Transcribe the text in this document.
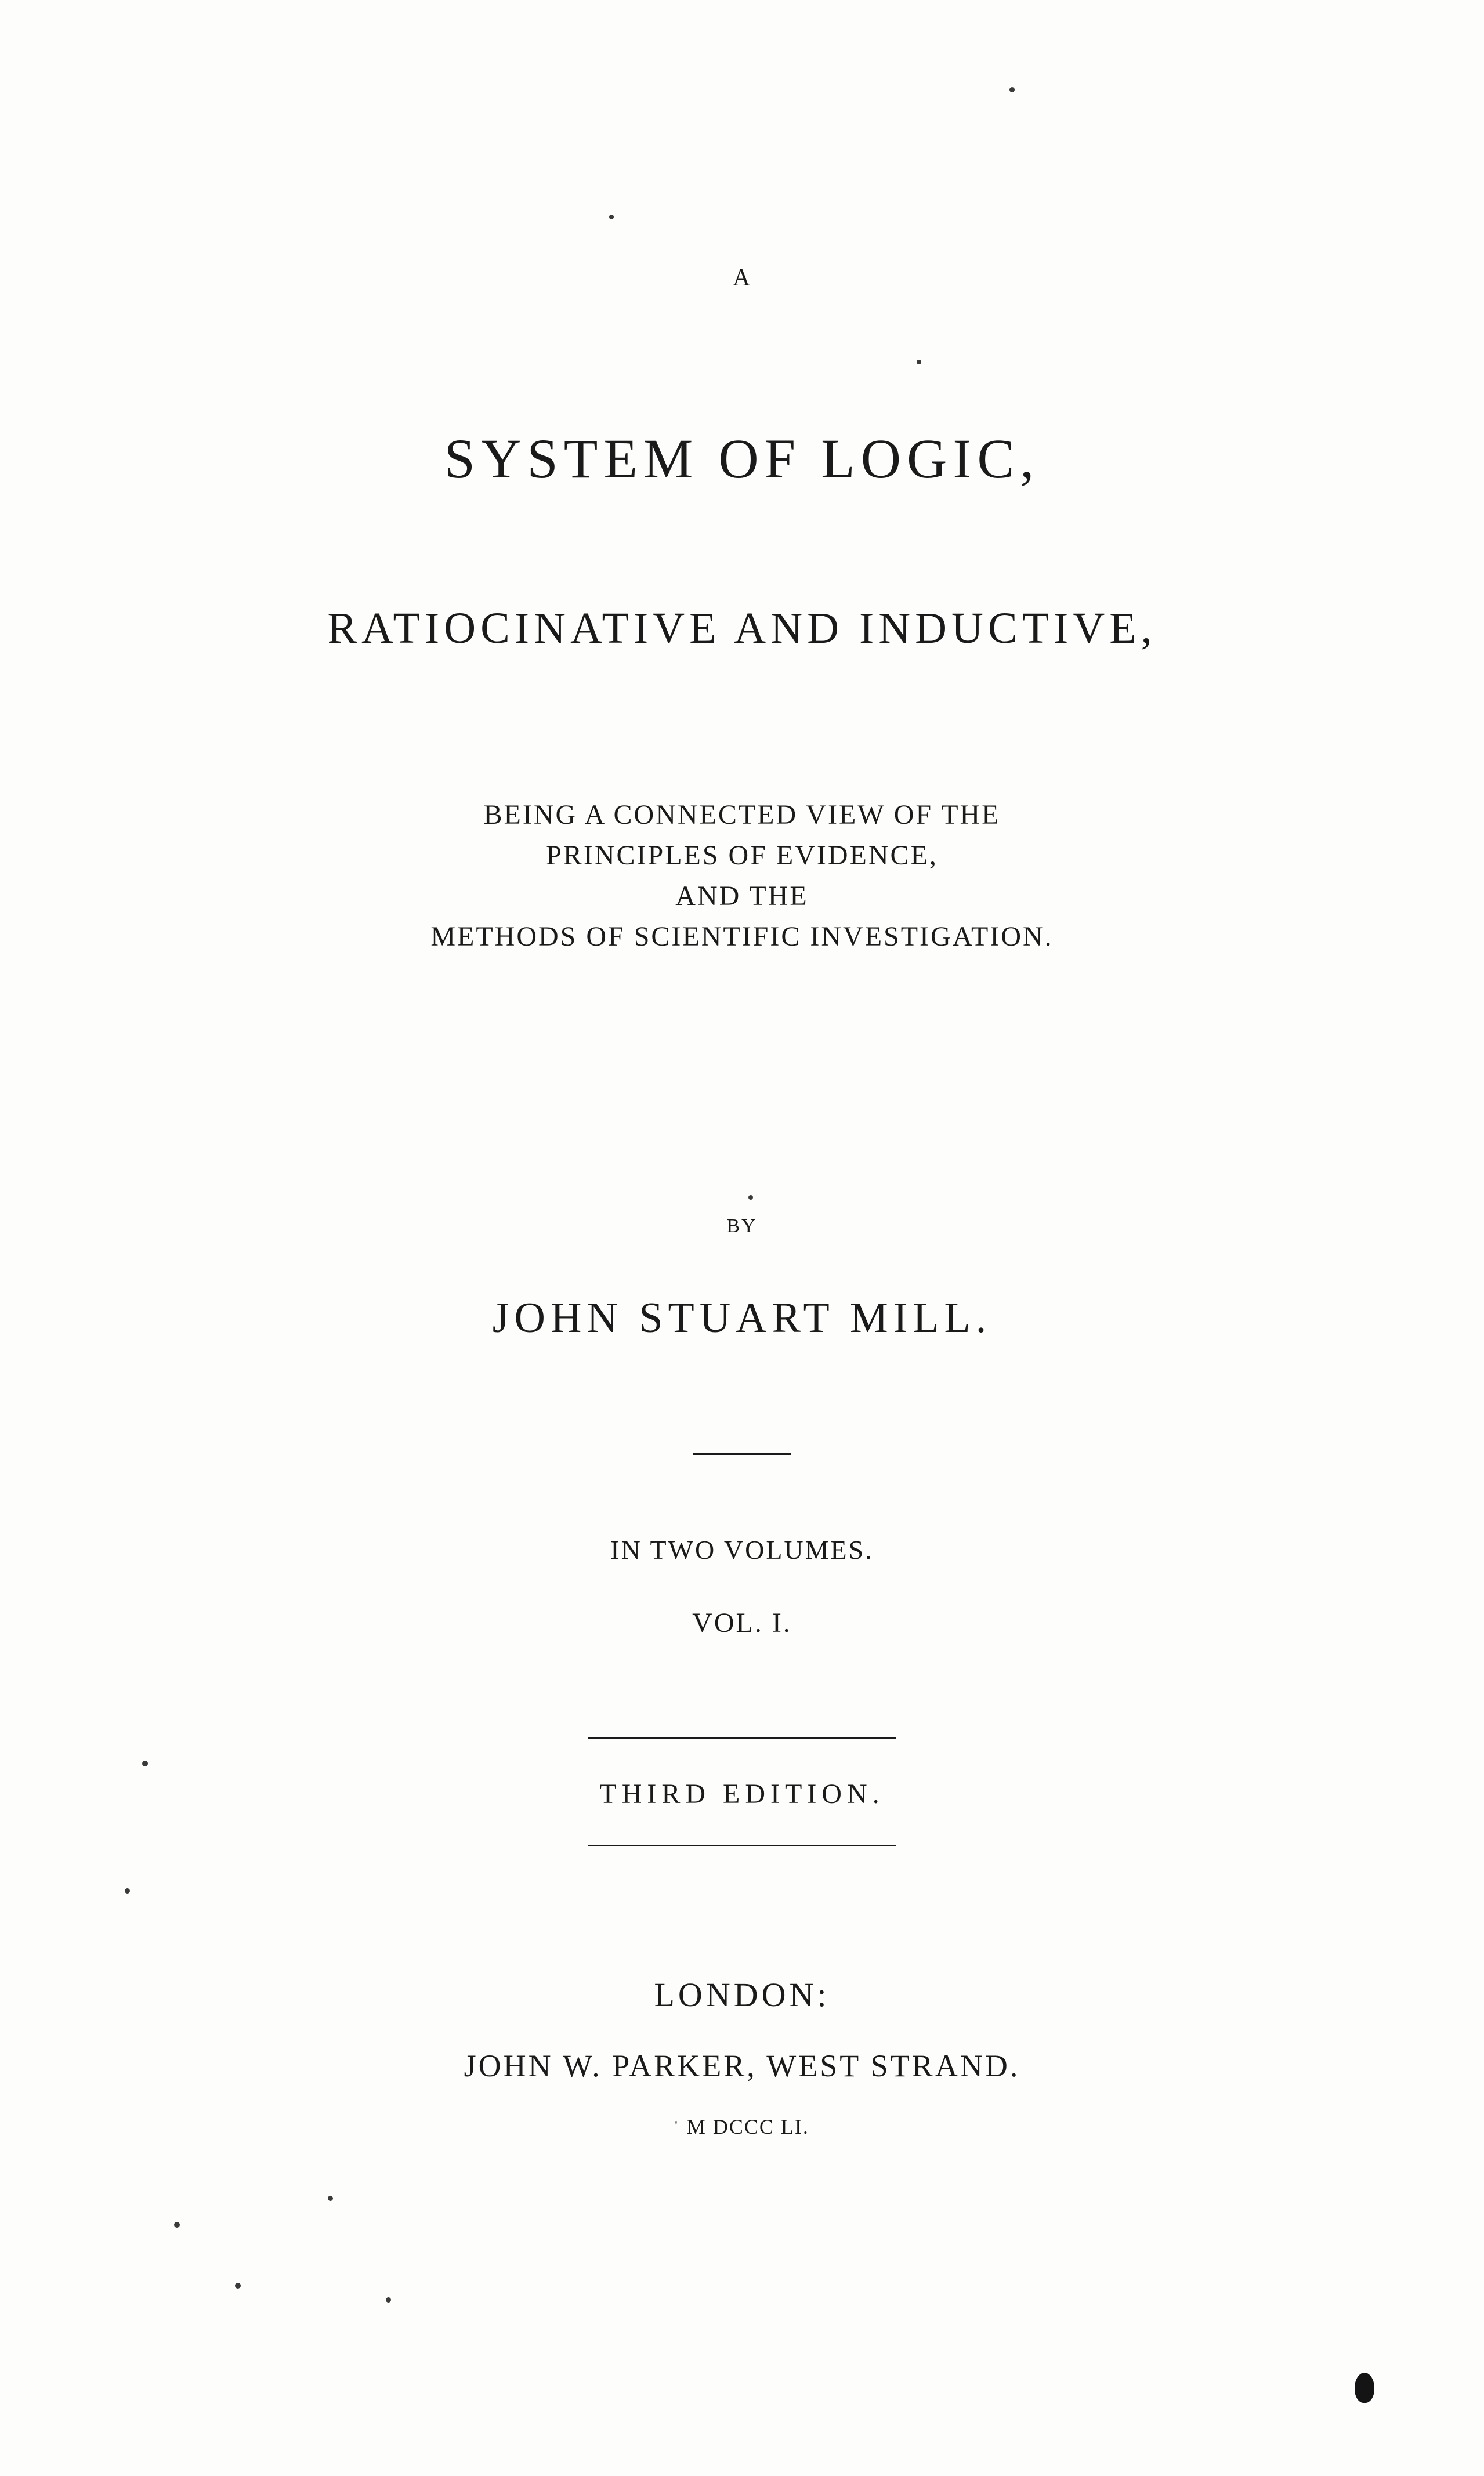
A
SYSTEM OF LOGIC,
RATIOCINATIVE AND INDUCTIVE,
BEING A CONNECTED VIEW OF THE
PRINCIPLES OF EVIDENCE,
AND THE
METHODS OF SCIENTIFIC INVESTIGATION.
BY
JOHN STUART MILL.
IN TWO VOLUMES.
VOL. I.
THIRD EDITION.
LONDON:
JOHN W. PARKER, WEST STRAND.
' M DCCC LI.
